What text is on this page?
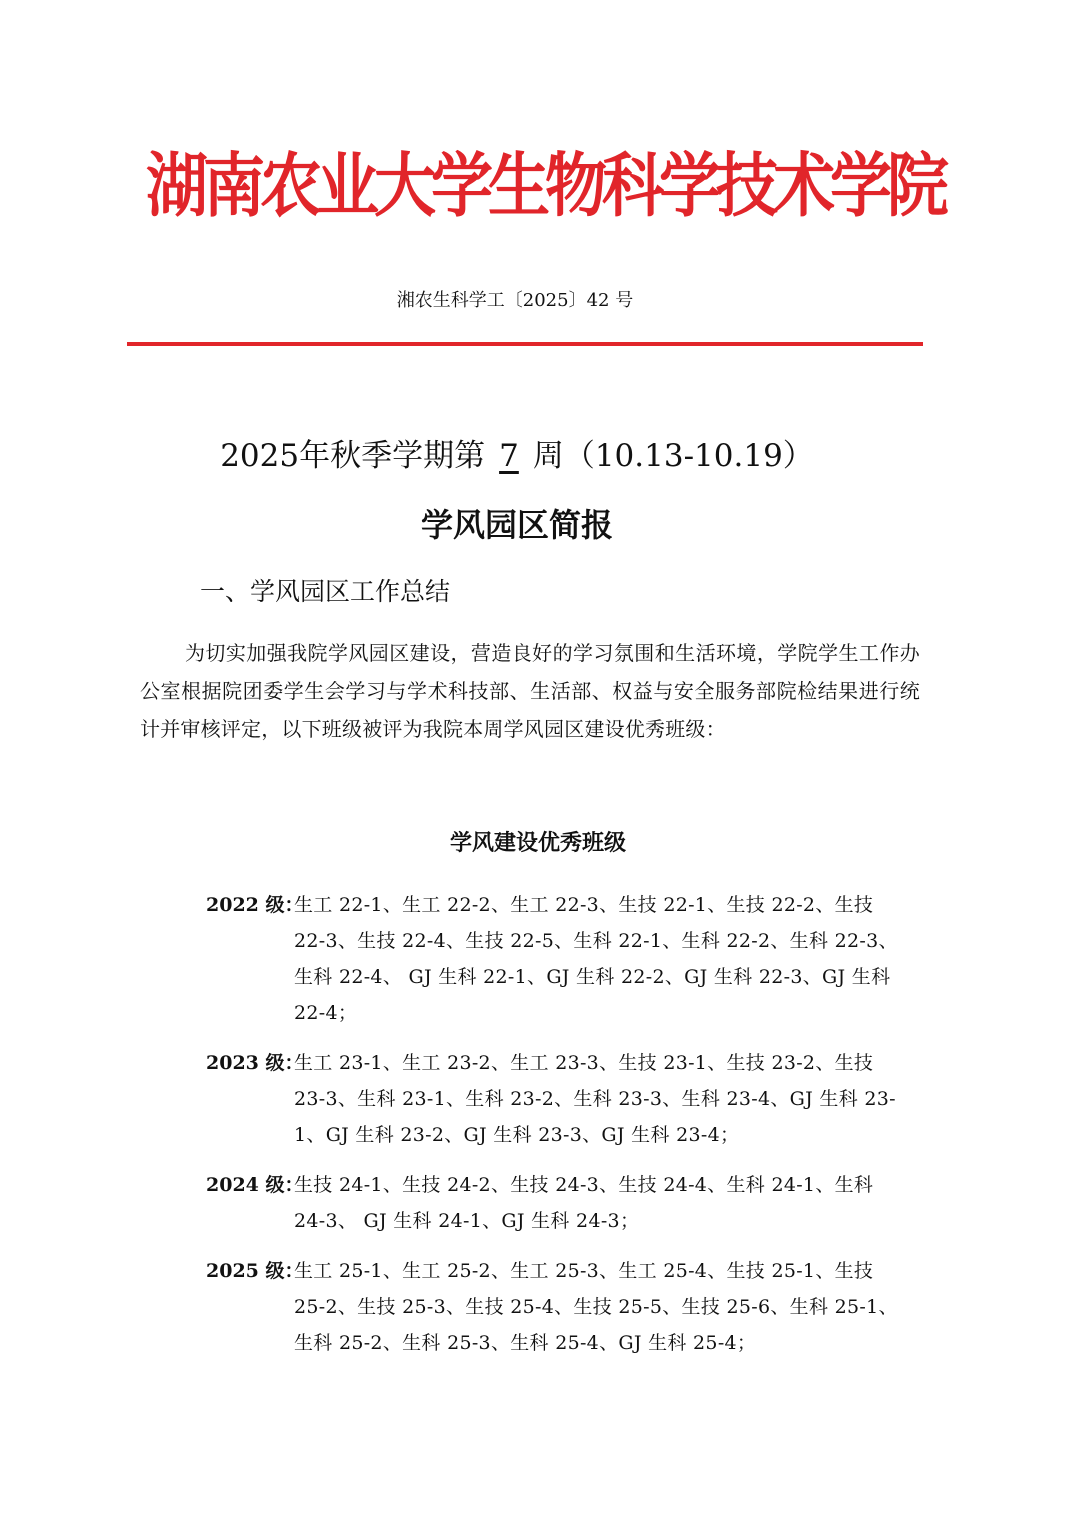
湖南农业大学生物科学技术学院
湘农生科学工〔2025〕42 号
2025年秋季学期第 7 周（10.13-10.19）
学风园区简报
一、学风园区工作总结
为切实加强我院学风园区建设，营造良好的学习氛围和生活环境，学院学生工作办公室根据院团委学生会学习与学术科技部、生活部、权益与安全服务部院检结果进行统计并审核评定，以下班级被评为我院本周学风园区建设优秀班级：
学风建设优秀班级
2022 级：
生工 22-1、生工 22-2、生工 22-3、生技 22-1、生技 22-2、生技 22-3、生技 22-4、生技 22-5、生科 22-1、生科 22-2、生科 22-3、生科 22-4、 GJ 生科 22-1、GJ 生科 22-2、GJ 生科 22-3、GJ 生科 22-4；
2023 级：
生工 23-1、生工 23-2、生工 23-3、生技 23-1、生技 23-2、生技 23-3、生科 23-1、生科 23-2、生科 23-3、生科 23-4、GJ 生科 23-1、GJ 生科 23-2、GJ 生科 23-3、GJ 生科 23-4；
2024 级：
生技 24-1、生技 24-2、生技 24-3、生技 24-4、生科 24-1、生科 24-3、 GJ 生科 24-1、GJ 生科 24-3；
2025 级：
生工 25-1、生工 25-2、生工 25-3、生工 25-4、生技 25-1、生技 25-2、生技 25-3、生技 25-4、生技 25-5、生技 25-6、生科 25-1、生科 25-2、生科 25-3、生科 25-4、GJ 生科 25-4；
